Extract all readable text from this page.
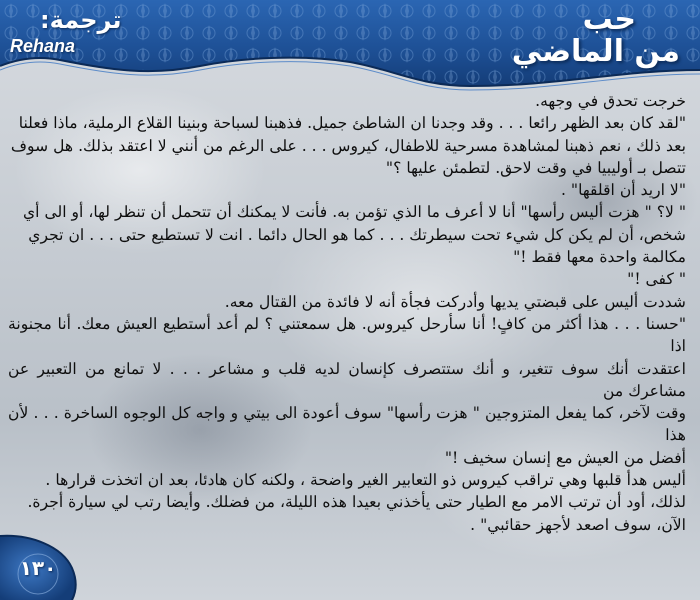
ترجمة:
Rehana
حب
من الماضي

خرجت تحدق في وجهه.

"لقد كان بعد الظهر رائعا . . . وقد وجدنا ان الشاطئ جميل. فذهبنا لسباحة وبنينا القلاع الرملية، ماذا فعلنا

بعد ذلك ، نعم ذهبنا لمشاهدة مسرحية للاطفال، كيروس . . . على الرغم من أنني لا اعتقد بذلك. هل سوف

تتصل بـ أوليبيا في وقت لاحق. لتطمئن عليها ؟"

"لا اريد أن اقلقها" .

" لا؟ " هزت أليس رأسها" أنا لا أعرف ما الذي تؤمن به. فأنت لا يمكنك أن تتحمل أن تنظر لها، أو الى أي

شخص، أن لم يكن كل شيء تحت سيطرتك . . . كما هو الحال دائما . انت لا تستطيع حتى . . . ان تجري

مكالمة واحدة معها فقط !"

" كفى !"

شددت أليس على قبضتي يديها وأدركت فجأة أنه لا فائدة من القتال معه.

"حسنا . . . هذا أكثر من كافٍ! أنا سأرحل كيروس. هل سمعتني ؟ لم أعد أستطيع العيش معك. أنا مجنونة اذا

اعتقدت أنك سوف تتغير، و أنك ستتصرف كإنسان لديه قلب و مشاعر . . . لا تمانع من التعبير عن مشاعرك من

وقت لآخر، كما يفعل المتزوجين " هزت رأسها" سوف أعودة الى بيتي و واجه كل الوجوه الساخرة . . . لأن هذا

أفضل من العيش مع إنسان سخيف !"

أليس هدأ قلبها وهي تراقب كيروس ذو التعابير الغير واضحة ، ولكنه كان هادئا، بعد ان اتخذت قرارها .

لذلك، أود أن ترتب الامر مع الطيار حتى يأخذني بعيدا هذه الليلة، من فضلك. وأيضا رتب لي سيارة أجرة.

الآن، سوف اصعد لأجهز حقائبي" .

١٣٠
